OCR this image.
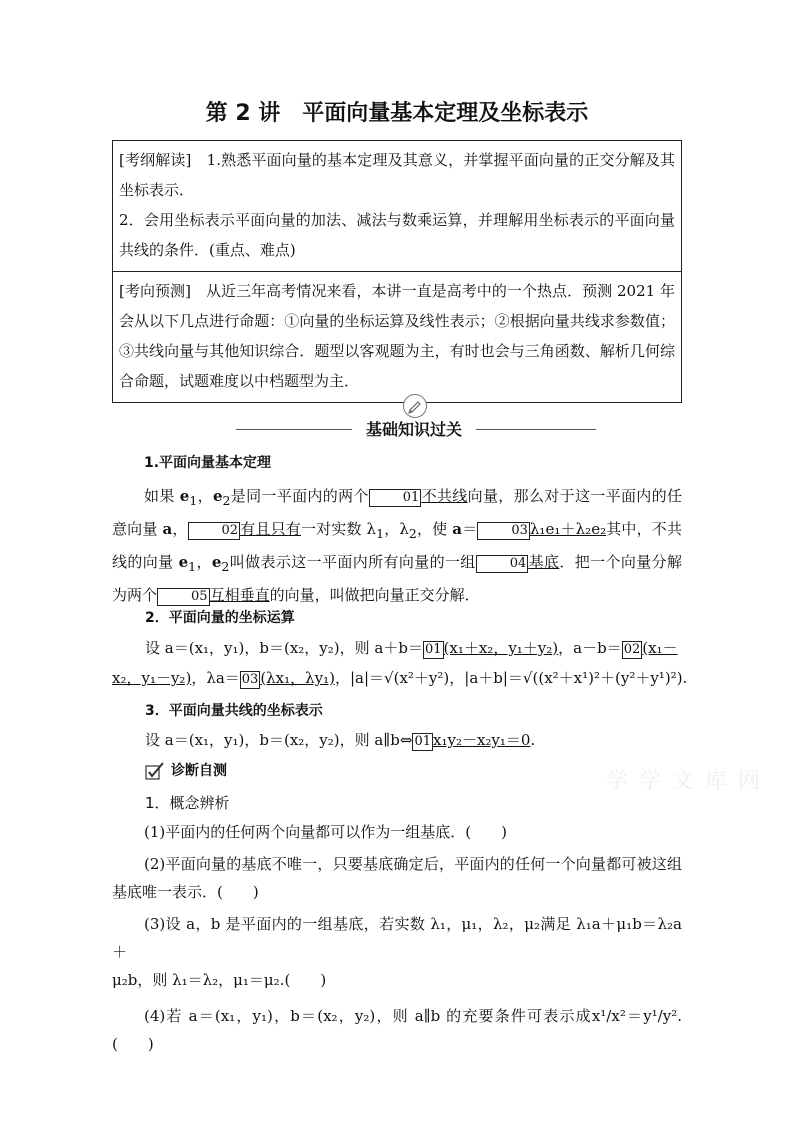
第 2 讲　平面向量基本定理及坐标表示
[考纲解读]　1.熟悉平面向量的基本定理及其意义，并掌握平面向量的正交分解及其坐标表示．
2．会用坐标表示平面向量的加法、减法与数乘运算，并理解用坐标表示的平面向量共线的条件．(重点、难点)
[考向预测]　从近三年高考情况来看，本讲一直是高考中的一个热点．预测 2021 年会从以下几点进行命题：①向量的坐标运算及线性表示；②根据向量共线求参数值；③共线向量与其他知识综合．题型以客观题为主，有时也会与三角函数、解析几何综合命题，试题难度以中档题型为主．
基础知识过关
1.平面向量基本定理
如果 $e_1$，$e_2$是同一平面内的两个	01 不共线向量，那么对于这一平面内的任意向量 a，	02 有且只有一对实数 $\lambda_1$，$\lambda_2$，使 a＝	03 λ₁e₁＋λ₂e₂其中，不共线的向量 $e_1$，$e_2$叫做表示这一平面内所有向量的一组	04 基底．把一个向量分解为两个	05 互相垂直的向量，叫做把向量正交分解．
2．平面向量的坐标运算
设 a＝(x₁，y₁)，b＝(x₂，y₂)，则 a＋b＝ 01 (x₁＋x₂，y₁＋y₂)，a－b＝ 02 (x₁－
x₂，y₁－y₂)，λa＝ 03 (λx₁，λy₁)，|a|＝√(x²＋y²)，|a＋b|＝√((x²＋x¹)²＋(y²＋y¹)²).
3．平面向量共线的坐标表示
设 a＝(x₁，y₁)，b＝(x₂，y₂)，则 a∥b⇔ 01 x₁y₂－x₂y₁＝0.
诊断自测	学 学 文 库 网
1．概念辨析
(1)平面内的任何两个向量都可以作为一组基底．(　　)
(2)平面向量的基底不唯一，只要基底确定后，平面内的任何一个向量都可被这组基底唯一表示．(　　)
(3)设 a，b 是平面内的一组基底，若实数 λ₁，μ₁，λ₂，μ₂满足 λ₁a＋μ₁b＝λ₂a＋
μ₂b，则 λ₁＝λ₂，μ₁＝μ₂.(　　)
(4)若 a＝(x₁，y₁)，b＝(x₂，y₂)，则 a∥b 的充要条件可表示成x¹/x²＝y¹/y².(　　)
